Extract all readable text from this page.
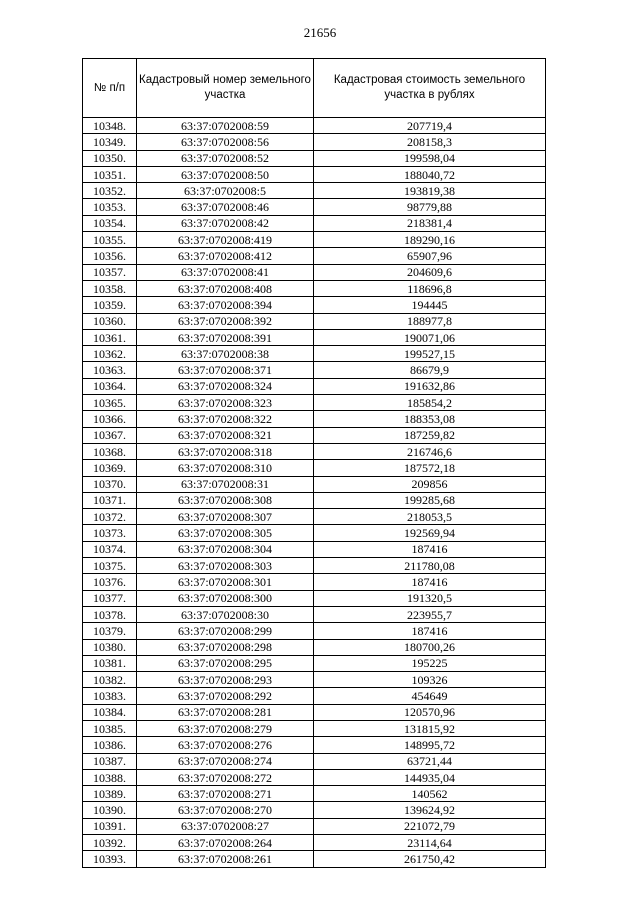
21656
№ п/п	Кадастровый номер земельного участка	Кадастровая стоимость земельного участка в рублях
10348.	63:37:0702008:59	207719,4
10349.	63:37:0702008:56	208158,3
10350.	63:37:0702008:52	199598,04
10351.	63:37:0702008:50	188040,72
10352.	63:37:0702008:5	193819,38
10353.	63:37:0702008:46	98779,88
10354.	63:37:0702008:42	218381,4
10355.	63:37:0702008:419	189290,16
10356.	63:37:0702008:412	65907,96
10357.	63:37:0702008:41	204609,6
10358.	63:37:0702008:408	118696,8
10359.	63:37:0702008:394	194445
10360.	63:37:0702008:392	188977,8
10361.	63:37:0702008:391	190071,06
10362.	63:37:0702008:38	199527,15
10363.	63:37:0702008:371	86679,9
10364.	63:37:0702008:324	191632,86
10365.	63:37:0702008:323	185854,2
10366.	63:37:0702008:322	188353,08
10367.	63:37:0702008:321	187259,82
10368.	63:37:0702008:318	216746,6
10369.	63:37:0702008:310	187572,18
10370.	63:37:0702008:31	209856
10371.	63:37:0702008:308	199285,68
10372.	63:37:0702008:307	218053,5
10373.	63:37:0702008:305	192569,94
10374.	63:37:0702008:304	187416
10375.	63:37:0702008:303	211780,08
10376.	63:37:0702008:301	187416
10377.	63:37:0702008:300	191320,5
10378.	63:37:0702008:30	223955,7
10379.	63:37:0702008:299	187416
10380.	63:37:0702008:298	180700,26
10381.	63:37:0702008:295	195225
10382.	63:37:0702008:293	109326
10383.	63:37:0702008:292	454649
10384.	63:37:0702008:281	120570,96
10385.	63:37:0702008:279	131815,92
10386.	63:37:0702008:276	148995,72
10387.	63:37:0702008:274	63721,44
10388.	63:37:0702008:272	144935,04
10389.	63:37:0702008:271	140562
10390.	63:37:0702008:270	139624,92
10391.	63:37:0702008:27	221072,79
10392.	63:37:0702008:264	23114,64
10393.	63:37:0702008:261	261750,42
